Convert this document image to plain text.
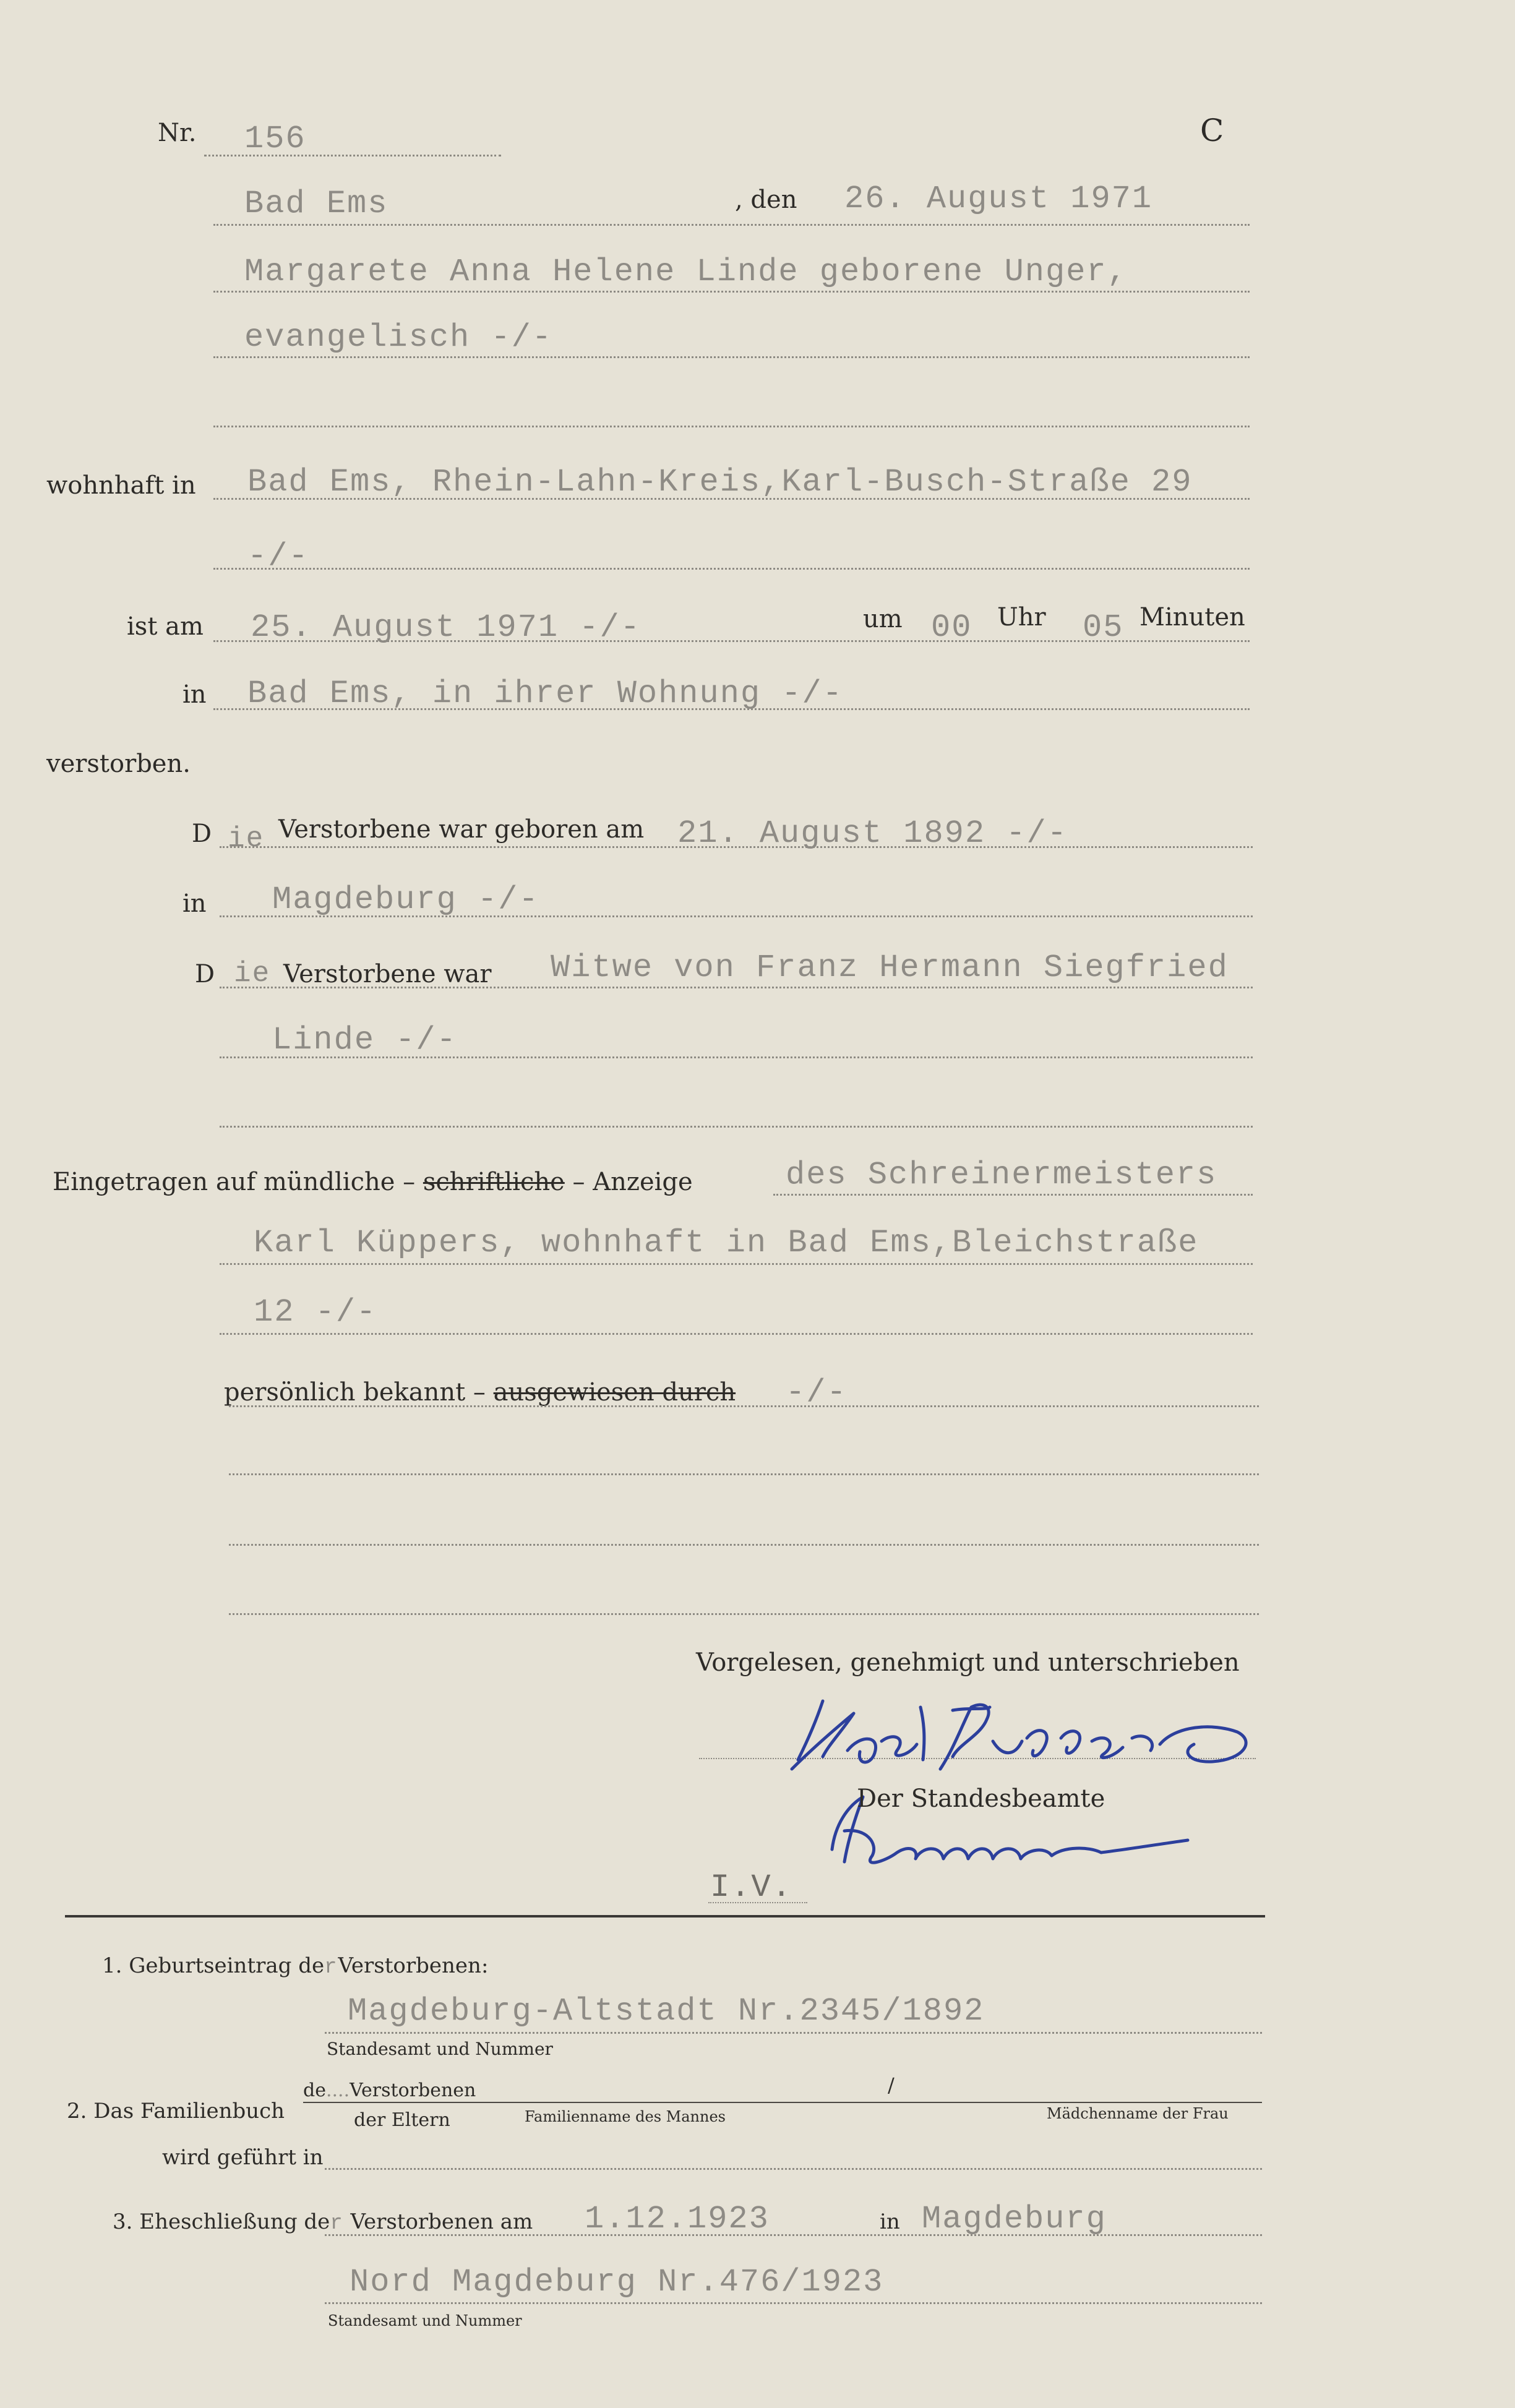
Nr. 156	C
Bad Ems	, den 26. August 1971
Margarete Anna Helene Linde geborene Unger,
evangelisch -/-
wohnhaft in Bad Ems, Rhein-Lahn-Kreis,Karl-Busch-Straße 29
-/-
ist am 25. August 1971 -/-	um 00 Uhr 05 Minuten
in Bad Ems, in ihrer Wohnung -/-
verstorben.
D ie Verstorbene war geboren am 21. August 1892 -/-
in Magdeburg -/-
D ie Verstorbene war Witwe von Franz Hermann Siegfried
Linde -/-
Eingetragen auf mündliche – schriftliche – Anzeige	des Schreinermeisters
Karl Küppers, wohnhaft in Bad Ems,Bleichstraße
12 -/-
persönlich bekannt – ausgewiesen durch -/-
Vorgelesen, genehmigt und unterschrieben
Der Standesbeamte
I.V.
1. Geburtseintrag derVerstorbenen:
Magdeburg-Altstadt Nr.2345/1892
Standesamt und Nummer
2. Das Familienbuch
de....Verstorbenen	/
der Eltern	Familienname des Mannes	Mädchenname der Frau
wird geführt in
3. Eheschließung der Verstorbenen am 1.12.1923	in Magdeburg
Nord Magdeburg Nr.476/1923
Standesamt und Nummer
